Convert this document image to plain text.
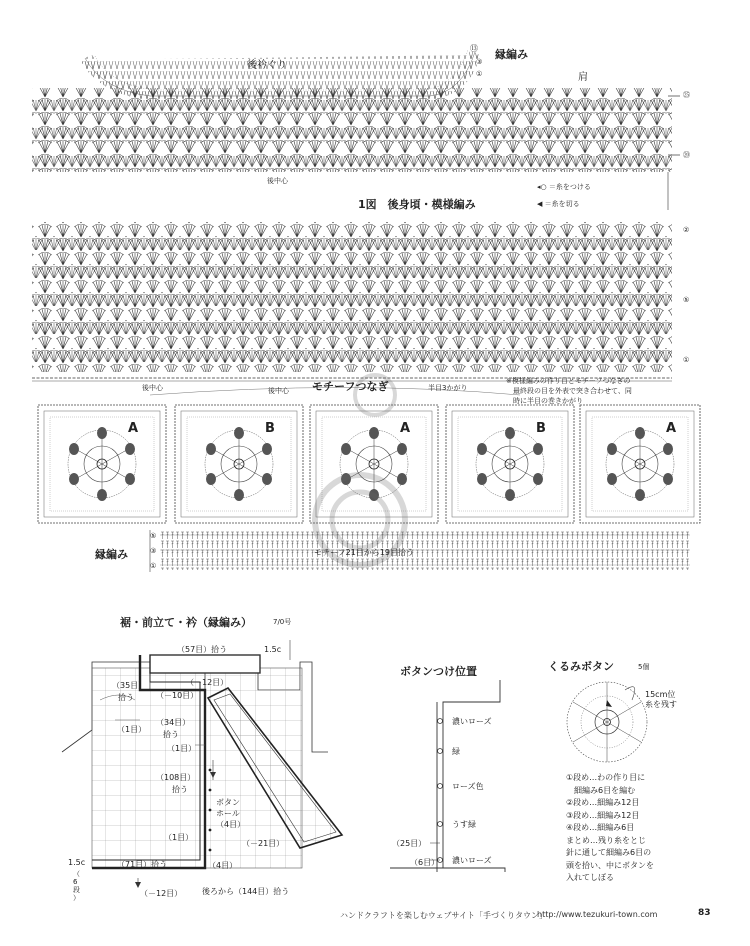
後衿ぐり
縁編み
肩
⑬
③
①
㉕
⑳
②
⑤
①
後中心
1図　後身頃・模様編み
◂○ ＝糸をつける
◀ ＝糸を切る
後中心	後中心 モチーフつなぎ	半目3かがり
※模様編みの作り目とモチーフつなぎの
　最終段の目を外表で突き合わせて、同
　時に半目の巻きかがり
A	B	A	B	A
縁編み
⑤
③
①
モチーフ21目から19目拾う
裾・前立て・衿（縁編み）	7/0号
（57目）拾う	1.5c
（－12目）
（35目）
拾う	（－10目）
（34目）
拾う
（1目）
（1目）
（108目）
拾う
ボタン
ホール
（4目）
（1目）
（－21目）
（4目）
1.5c
（
6
段
）
（71目）拾う
（－12目） 後ろから（144目）拾う
ボタンつけ位置
濃いローズ
緑
ローズ色
うす緑
濃いローズ
（25目）
（6目）
くるみボタン	5個
15cm位
糸を残す
①段め…わの作り目に
　細編み6目を編む
②段め…細編み12目
③段め…細編み12目
④段め…細編み6目
まとめ…残り糸をとじ
針に通して細編み6目の
頭を拾い、中にボタンを
入れてしぼる
ハンドクラフトを楽しむウェブサイト「手づくりタウン」
http://www.tezukuri-town.com	83
